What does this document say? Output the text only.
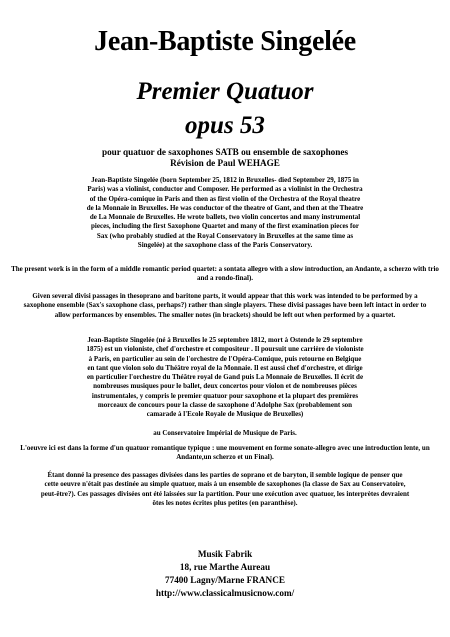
Jean-Baptiste Singelée
Premier Quatuor
opus 53
pour quatuor de saxophones SATB ou ensemble de saxophones
Révision de Paul WEHAGE

Jean-Baptiste Singelée (born September 25, 1812 in Bruxelles- died September 29, 1875 in Paris) was a violinist, conductor and Composer. He performed as a violinist in the Orchestra of the Opéra-comique in Paris and then as first violin of the Orchestra of the Royal theatre de la Monnaie in Bruxelles. He was conductor of the theatre of Gant, and then at the Theatre de La Monnaie de Bruxelles. He wrote ballets, two violin concertos and many instrumental pieces, including the first Saxophone Quartet and many of the first examination pieces for Sax (who probably studied at the Royal Conservatory in Bruxelles at the same time as Singelée) at the saxophone class of the Paris Conservatory.

The present work is in the form of a middle romantic period quartet: a sontata allegro with a slow introduction, an Andante, a scherzo with trio and a rondo-final).

Given several divisi passages in thesoprano and baritone parts, it would appear that this work was intended to be performed by a saxophone ensemble (Sax's saxophone class, perhaps?) rather than single players. These divisi passages have been left intact in order to allow performances by ensembles. The smaller notes (in brackets) should be left out when performed by a quartet.

Jean-Baptiste Singelée (né à Bruxelles le 25 septembre 1812, mort à Ostende le 29 septembre 1875) est un violoniste, chef d'orchestre et compositeur . Il poursuit une carrière de violoniste à Paris, en particulier au sein de l'orchestre de l'Opéra-Comique, puis retourne en Belgique en tant que violon solo du Théâtre royal de la Monnaie. Il est aussi chef d'orchestre, et dirige en particulier l'orchestre du Théâtre royal de Gand puis La Monnaie de Bruxelles. Il écrit de nombreuses musiques pour le ballet, deux concertos pour violon et de nombreuses pièces instrumentales, y compris le premier quatuor pour saxophone et la plupart des premières morceaux de concours pour la classe de saxophone d'Adolphe Sax (probablement son camarade à l'Ecole Royale de Musique de Bruxelles)

au Conservatoire Impérial de Musique de Paris.

L'oeuvre ici est dans la forme d'un quatuor romantique typique : une mouvement en forme sonate-allegro avec une introduction lente, un Andante,un scherzo et un Final).

Étant donné la presence des passages divisées dans les parties de soprano et de baryton, il semble logique de penser que cette oeuvre n'était pas destinée au simple quatuor, mais à un ensemble de saxophones (la classe de Sax au Conservatoire, peut-être?). Ces passages divisées ont été laissées sur la partition. Pour une exécution avec quatuor, les interprètes devraient ôtes les notes écrites plus petites (en paranthèse).

Musik Fabrik
18, rue Marthe Aureau
77400 Lagny/Marne FRANCE
http://www.classicalmusicnow.com/
